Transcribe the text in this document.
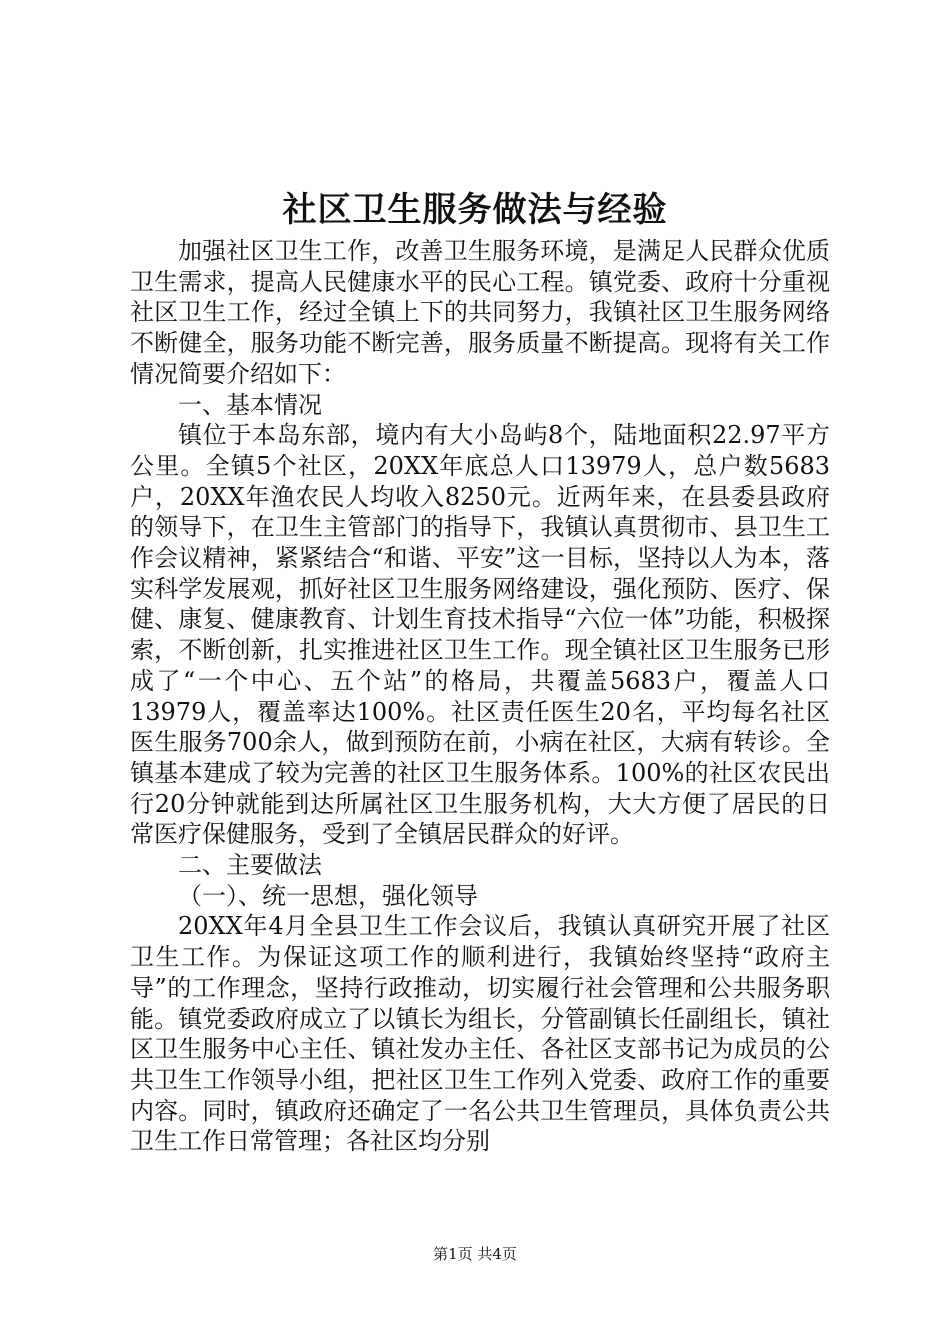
社区卫生服务做法与经验

加强社区卫生工作，改善卫生服务环境，是满足人民群众优质卫生需求，提高人民健康水平的民心工程。镇党委、政府十分重视社区卫生工作，经过全镇上下的共同努力，我镇社区卫生服务网络不断健全，服务功能不断完善，服务质量不断提高。现将有关工作情况简要介绍如下：

一、基本情况

镇位于本岛东部，境内有大小岛屿8个，陆地面积22.97平方公里。全镇5个社区，20XX年底总人口13979人，总户数5683户，20XX年渔农民人均收入8250元。近两年来，在县委县政府的领导下，在卫生主管部门的指导下，我镇认真贯彻市、县卫生工作会议精神，紧紧结合“和谐、平安”这一目标，坚持以人为本，落实科学发展观，抓好社区卫生服务网络建设，强化预防、医疗、保健、康复、健康教育、计划生育技术指导“六位一体”功能，积极探索，不断创新，扎实推进社区卫生工作。现全镇社区卫生服务已形成了“一个中心、五个站”的格局，共覆盖5683户，覆盖人口13979人，覆盖率达100%。社区责任医生20名，平均每名社区医生服务700余人，做到预防在前，小病在社区，大病有转诊。全镇基本建成了较为完善的社区卫生服务体系。100%的社区农民出行20分钟就能到达所属社区卫生服务机构，大大方便了居民的日常医疗保健服务，受到了全镇居民群众的好评。

二、主要做法

（一）、统一思想，强化领导

20XX年4月全县卫生工作会议后，我镇认真研究开展了社区卫生工作。为保证这项工作的顺利进行，我镇始终坚持“政府主导”的工作理念，坚持行政推动，切实履行社会管理和公共服务职能。镇党委政府成立了以镇长为组长，分管副镇长任副组长，镇社区卫生服务中心主任、镇社发办主任、各社区支部书记为成员的公共卫生工作领导小组，把社区卫生工作列入党委、政府工作的重要内容。同时，镇政府还确定了一名公共卫生管理员，具体负责公共卫生工作日常管理；各社区均分别

第1页 共4页
